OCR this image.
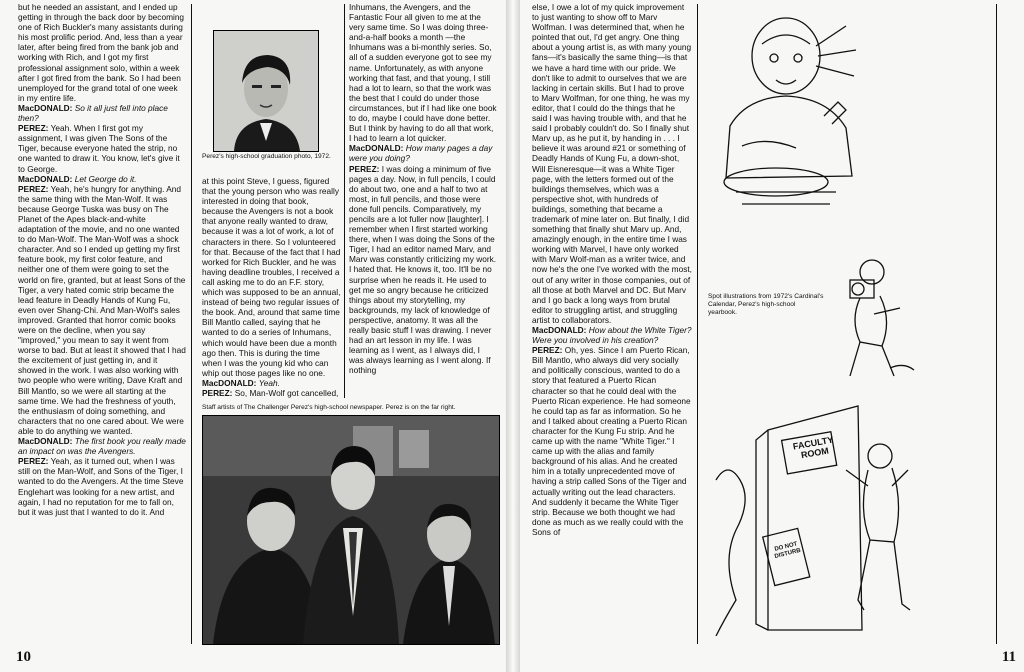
but he needed an assistant, and I ended up getting in through the back door by becoming one of Rich Buckler's many assistants during his most prolific period. And, less than a year later, after being fired from the bank job and working with Rich, and I got my first professional assignment solo, within a week after I got fired from the bank. So I had been unemployed for the grand total of one week in my entire life.

MacDONALD: So it all just fell into place then?

PEREZ: Yeah. When I first got my assignment, I was given The Sons of the Tiger, because everyone hated the strip, no one wanted to draw it. You know, let's give it to George.

MacDONALD: Let George do it.

PEREZ: Yeah, he's hungry for anything. And the same thing with the Man-Wolf. It was because George Tuska was busy on The Planet of the Apes black-and-white adaptation of the movie, and no one wanted to do Man-Wolf. The Man-Wolf was a shock character. And so I ended up getting my first feature book, my first color feature, and neither one of them were going to set the world on fire, granted, but at least Sons of the Tiger, a very hated comic strip became the lead feature in Deadly Hands of Kung Fu, even over Shang-Chi. And Man-Wolf's sales improved. Granted that horror comic books were on the decline, when you say "improved," you mean to say it went from worse to bad. But at least it showed that I had the excitement of just getting in, and it showed in the work. I was also working with two people who were writing, Dave Kraft and Bill Mantlo, so we were all starting at the same time. We had the freshness of youth, the enthusiasm of doing something, and characters that no one cared about. We were able to do anything we wanted.

MacDONALD: The first book you really made an impact on was the Avengers.

PEREZ: Yeah, as it turned out, when I was still on the Man-Wolf, and Sons of the Tiger, I wanted to do the Avengers. At the time Steve Englehart was looking for a new artist, and again, I had no reputation for me to fall on, but it was just that I wanted to do it. And

Perez's high-school graduation photo, 1972.

at this point Steve, I guess, figured that the young person who was really interested in doing that book, because the Avengers is not a book that anyone really wanted to draw, because it was a lot of work, a lot of characters in there. So I volunteered for that. Because of the fact that I had worked for Rich Buckler, and he was having deadline troubles, I received a call asking me to do an F.F. story, which was supposed to be an annual, instead of being two regular issues of the book. And, around that same time Bill Mantlo called, saying that he wanted to do a series of Inhumans, which would have been due a month ago then. This is during the time when I was the young kid who can whip out those pages like no one.

MacDONALD: Yeah.

PEREZ: So, Man-Wolf got cancelled,

Inhumans, the Avengers, and the Fantastic Four all given to me at the very same time. So I was doing three-and-a-half books a month —the Inhumans was a bi-monthly series. So, all of a sudden everyone got to see my name. Unfortunately, as with anyone working that fast, and that young, I still had a lot to learn, so that the work was the best that I could do under those circumstances, but if I had like one book to do, maybe I could have done better. But I think by having to do all that work, I had to learn a lot quicker.

MacDONALD: How many pages a day were you doing?

PEREZ: I was doing a minimum of five pages a day. Now, in full pencils, I could do about two, one and a half to two at most, in full pencils, and those were done full pencils. Comparatively, my pencils are a lot fuller now [laughter]. I remember when I first started working there, when I was doing the Sons of the Tiger, I had an editor named Marv, and Marv was constantly criticizing my work. I hated that. He knows it, too. It'll be no surprise when he reads it. He used to get me so angry because he criticized things about my storytelling, my backgrounds, my lack of knowledge of perspective, anatomy. It was all the really basic stuff I was drawing. I never had an art lesson in my life. I was learning as I went, as I always did, I was always learning as I went along. If nothing

Staff artists of The Challenger Perez's high-school newspaper. Perez is on the far right.
10

else, I owe a lot of my quick improvement to just wanting to show off to Marv Wolfman. I was determined that, when he pointed that out, I'd get angry. One thing about a young artist is, as with many young fans—it's basically the same thing—is that we have a hard time with our pride. We don't like to admit to ourselves that we are lacking in certain skills. But I had to prove to Marv Wolfman, for one thing, he was my editor, that I could do the things that he said I was having trouble with, and that he said I probably couldn't do. So I finally shut Marv up, as he put it, by handing in . . . I believe it was around #21 or something of Deadly Hands of Kung Fu, a down-shot, Will Eisneresque—it was a White Tiger page, with the letters formed out of the buildings themselves, which was a perspective shot, with hundreds of buildings, something that became a trademark of mine later on. But finally, I did something that finally shut Marv up. And, amazingly enough, in the entire time I was working with Marvel, I have only worked with Marv Wolf-man as a writer twice, and now he's the one I've worked with the most, out of any writer in those companies, out of all those at both Marvel and DC. But Marv and I go back a long ways from brutal editor to struggling artist, and struggling artist to collaborators.

MacDONALD: How about the White Tiger? Were you involved in his creation?

PEREZ: Oh, yes. Since I am Puerto Rican, Bill Mantlo, who always did very socially and politically conscious, wanted to do a story that featured a Puerto Rican character so that he could deal with the Puerto Rican experience. He had someone he could tap as far as information. So he and I talked about creating a Puerto Rican character for the Kung Fu strip. And he came up with the name "White Tiger." I came up with the alias and family background of his alias. And he created him in a totally unprecedented move of having a strip called Sons of the Tiger and actually writing out the lead characters. And suddenly it became the White Tiger strip. Because we both thought we had done as much as we really could with the Sons of

Spot illustrations from 1972's Cardinal's Calendar, Perez's high-school yearbook.
FACULTY ROOM
DO NOT DISTURB
11
